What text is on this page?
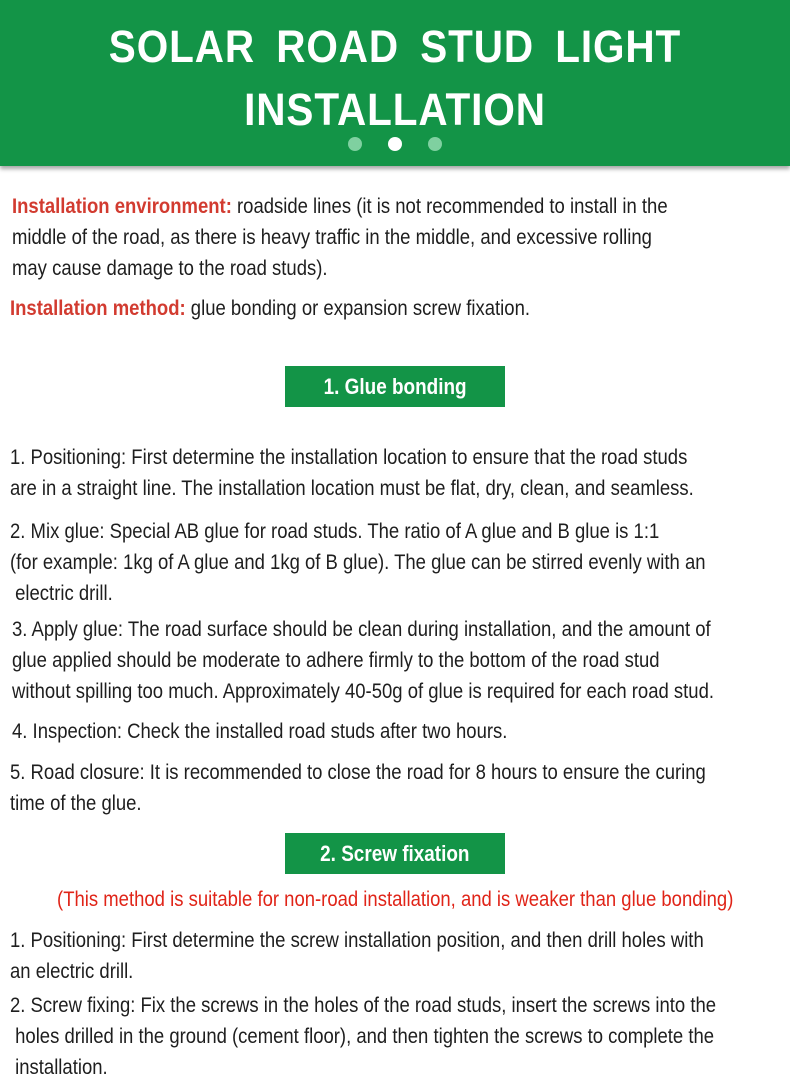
SOLAR ROAD STUD LIGHT
INSTALLATION

Installation environment: roadside lines (it is not recommended to install in the

middle of the road, as there is heavy traffic in the middle, and excessive rolling

may cause damage to the road studs).

Installation method: glue bonding or expansion screw fixation.

1. Glue bonding

1. Positioning: First determine the installation location to ensure that the road studs

are in a straight line. The installation location must be flat, dry, clean, and seamless.

2. Mix glue: Special AB glue for road studs. The ratio of A glue and B glue is 1:1

(for example: 1kg of A glue and 1kg of B glue). The glue can be stirred evenly with an

electric drill.

3. Apply glue: The road surface should be clean during installation, and the amount of

glue applied should be moderate to adhere firmly to the bottom of the road stud

without spilling too much. Approximately 40-50g of glue is required for each road stud.

4. Inspection: Check the installed road studs after two hours.

5. Road closure: It is recommended to close the road for 8 hours to ensure the curing

time of the glue.

2. Screw fixation

(This method is suitable for non-road installation, and is weaker than glue bonding)

1. Positioning: First determine the screw installation position, and then drill holes with

an electric drill.

2. Screw fixing: Fix the screws in the holes of the road studs, insert the screws into the

holes drilled in the ground (cement floor), and then tighten the screws to complete the

installation.
